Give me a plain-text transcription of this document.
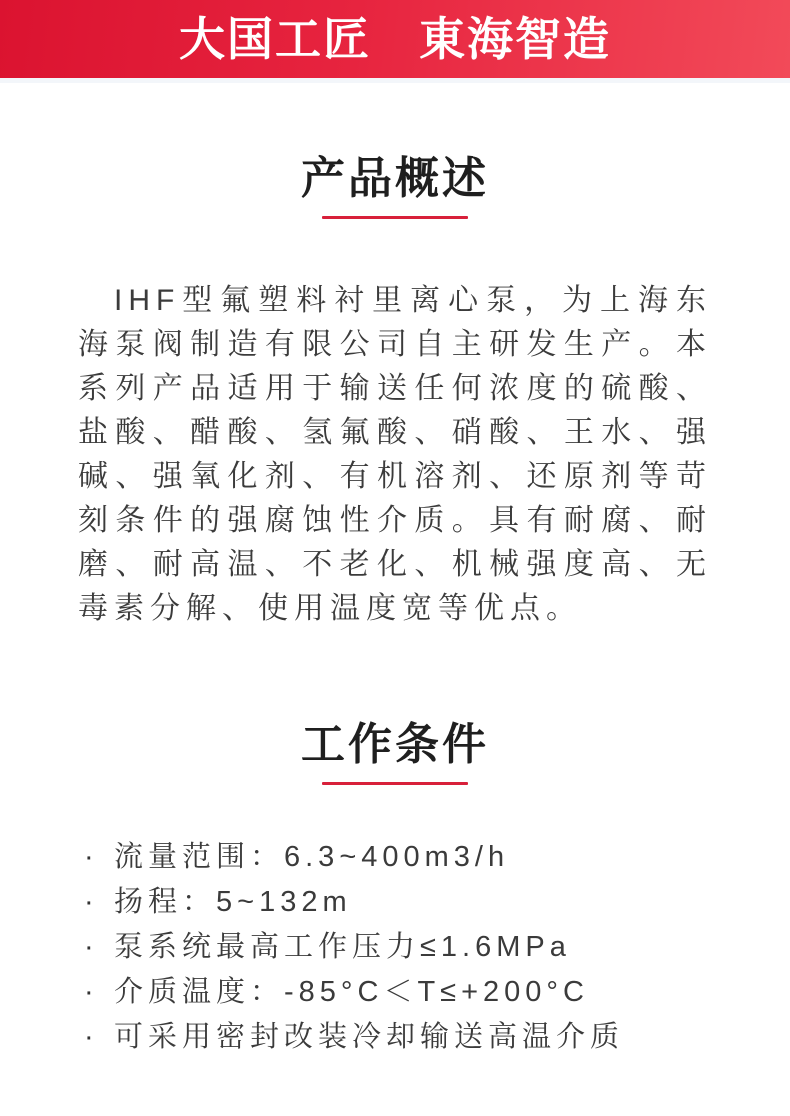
大国工匠　東海智造
产品概述

IHF型氟塑料衬里离心泵，为上海东海泵阀制造有限公司自主研发生产。本系列产品适用于输送任何浓度的硫酸、盐酸、醋酸、氢氟酸、硝酸、王水、强碱、强氧化剂、有机溶剂、还原剂等苛刻条件的强腐蚀性介质。具有耐腐、耐磨、耐高温、不老化、机械强度高、无毒素分解、使用温度宽等优点。

工作条件
· 流量范围：6.3~400m3/h
· 扬程：5~132m
· 泵系统最高工作压力≤1.6MPa
· 介质温度：-85°C＜T≤+200°C
· 可采用密封改装冷却输送高温介质
